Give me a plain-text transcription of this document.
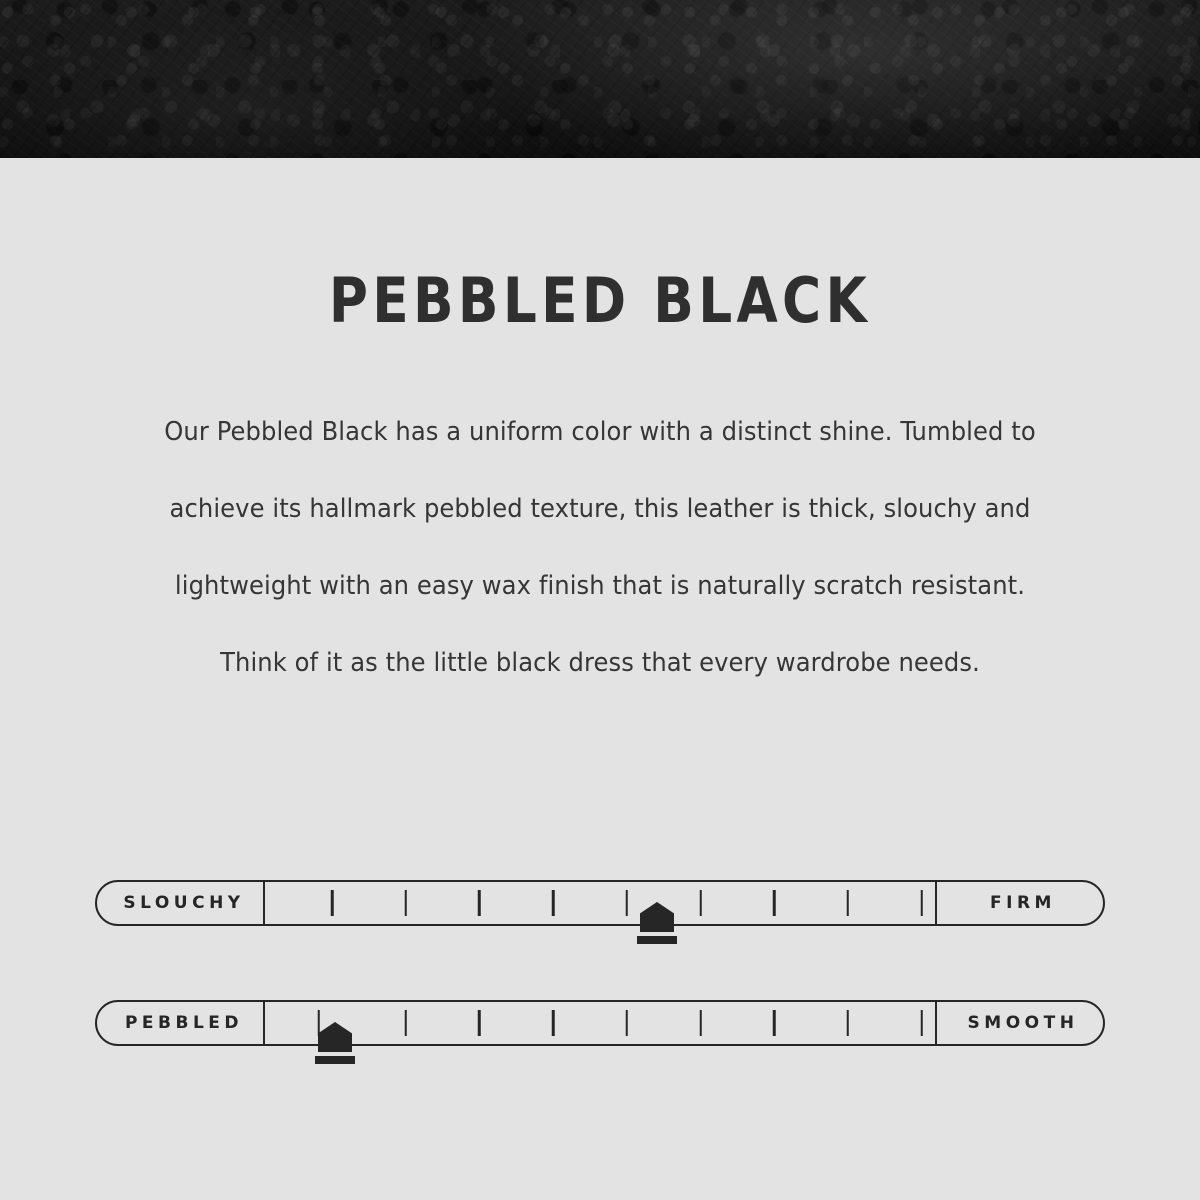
PEBBLED BLACK

Our Pebbled Black has a uniform color with a distinct shine. Tumbled to achieve its hallmark pebbled texture, this leather is thick, slouchy and lightweight with an easy wax finish that is naturally scratch resistant. Think of it as the little black dress that every wardrobe needs.

SLOUCHY	FIRM
PEBBLED	SMOOTH
